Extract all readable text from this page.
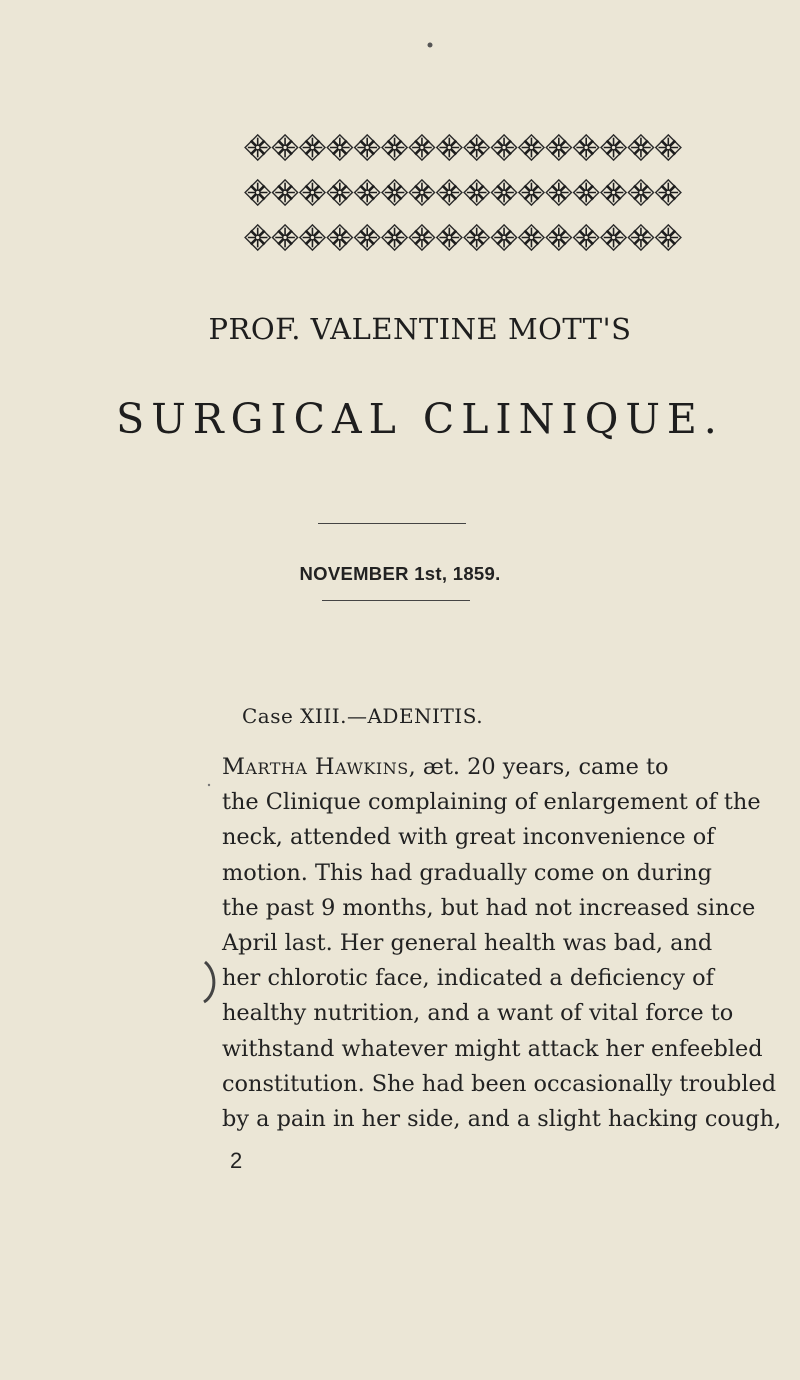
PROF. VALENTINE MOTT'S
SURGICAL CLINIQUE.
NOVEMBER 1st, 1859.
Case XIII.—ADENITIS.
Martha Hawkins, æt. 20 years, came to
the Clinique complaining of enlargement of the
neck, attended with great inconvenience of
motion. This had gradually come on during
the past 9 months, but had not increased since
April last. Her general health was bad, and
her chlorotic face, indicated a deficiency of
healthy nutrition, and a want of vital force to
withstand whatever might attack her enfeebled
constitution. She had been occasionally troubled
by a pain in her side, and a slight hacking cough,
2
